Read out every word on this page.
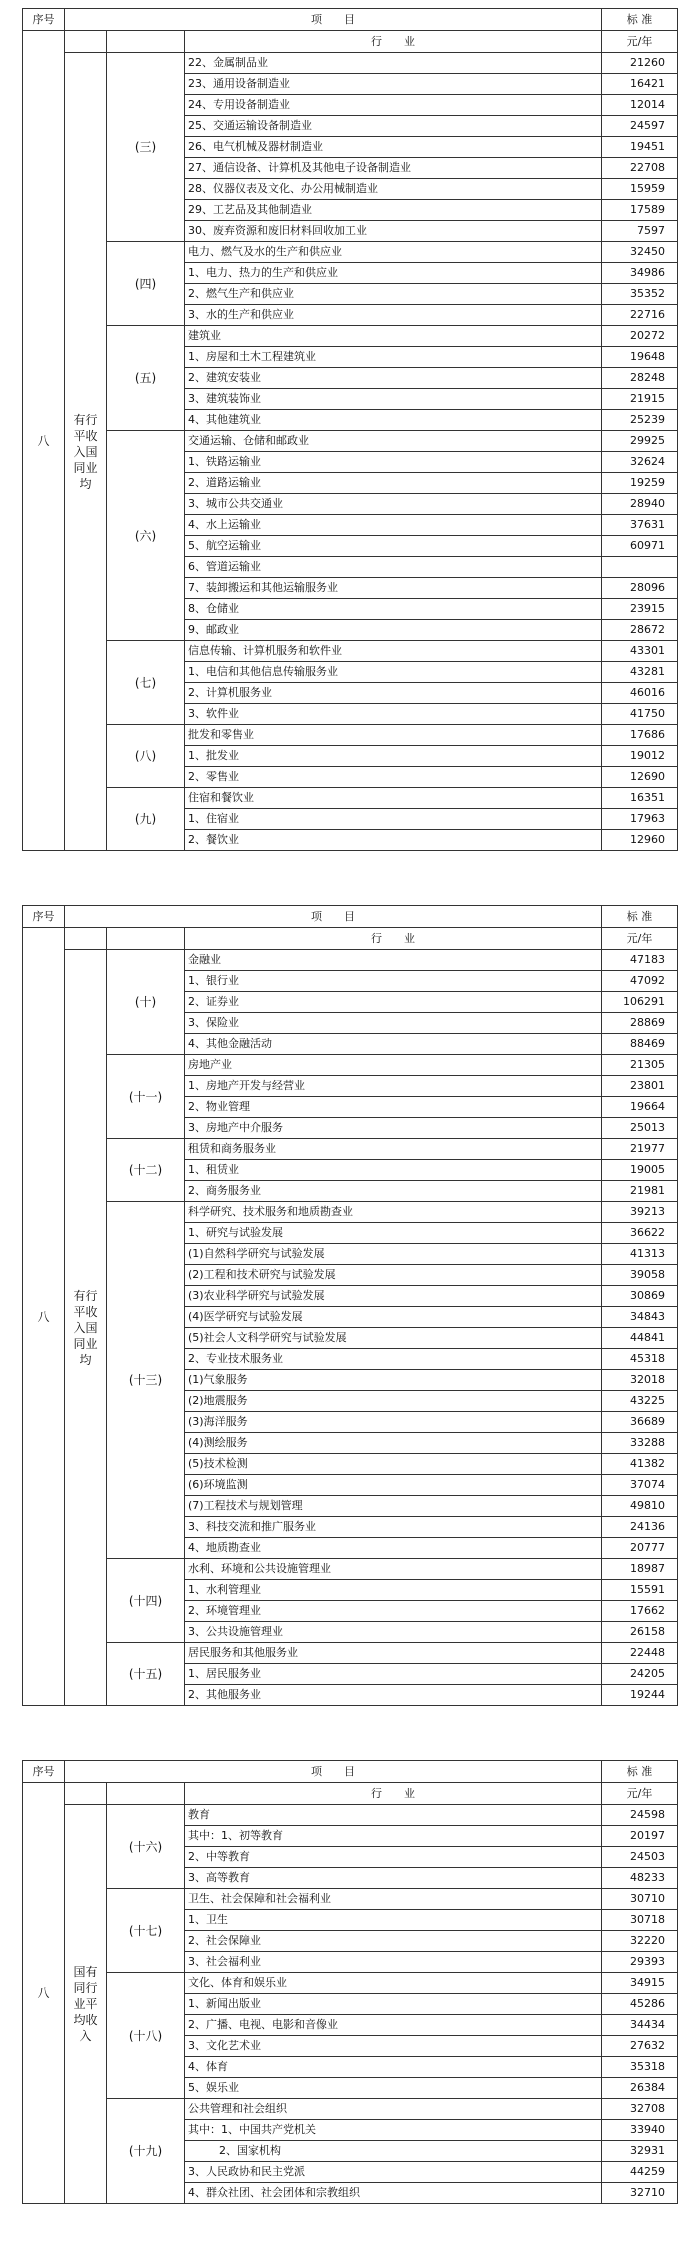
序号	项　　目			标 准
八			行　　业	元/年
	有行平收入国同业均	(三)	22、金属制品业	21260
			23、通用设备制造业	16421
			24、专用设备制造业	12014
			25、交通运输设备制造业	24597
			26、电气机械及器材制造业	19451
			27、通信设备、计算机及其他电子设备制造业	22708
			28、仪器仪表及文化、办公用械制造业	15959
			29、工艺品及其他制造业	17589
			30、废弃资源和废旧材料回收加工业	7597
		(四)	电力、燃气及水的生产和供应业	32450
			1、电力、热力的生产和供应业	34986
			2、燃气生产和供应业	35352
			3、水的生产和供应业	22716
		(五)	建筑业	20272
			1、房屋和土木工程建筑业	19648
			2、建筑安装业	28248
			3、建筑装饰业	21915
			4、其他建筑业	25239
		(六)	交通运输、仓储和邮政业	29925
			1、铁路运输业	32624
			2、道路运输业	19259
			3、城市公共交通业	28940
			4、水上运输业	37631
			5、航空运输业	60971
			6、管道运输业	
			7、装卸搬运和其他运输服务业	28096
			8、仓储业	23915
			9、邮政业	28672
		(七)	信息传输、计算机服务和软件业	43301
			1、电信和其他信息传输服务业	43281
			2、计算机服务业	46016
			3、软件业	41750
		(八)	批发和零售业	17686
			1、批发业	19012
			2、零售业	12690
		(九)	住宿和餐饮业	16351
			1、住宿业	17963
			2、餐饮业	12960
序号	项　　目			标 准
八			行　　业	元/年
	有行平收入国同业均	(十)	金融业	47183
			1、银行业	47092
			2、证券业	106291
			3、保险业	28869
			4、其他金融活动	88469
		(十一)	房地产业	21305
			1、房地产开发与经营业	23801
			2、物业管理	19664
			3、房地产中介服务	25013
		(十二)	租赁和商务服务业	21977
			1、租赁业	19005
			2、商务服务业	21981
		(十三)	科学研究、技术服务和地质勘查业	39213
			1、研究与试验发展	36622
			(1)自然科学研究与试验发展	41313
			(2)工程和技术研究与试验发展	39058
			(3)农业科学研究与试验发展	30869
			(4)医学研究与试验发展	34843
			(5)社会人文科学研究与试验发展	44841
			2、专业技术服务业	45318
			(1)气象服务	32018
			(2)地震服务	43225
			(3)海洋服务	36689
			(4)测绘服务	33288
			(5)技术检测	41382
			(6)环境监测	37074
			(7)工程技术与规划管理	49810
			3、科技交流和推广服务业	24136
			4、地质勘查业	20777
		(十四)	水利、环境和公共设施管理业	18987
			1、水利管理业	15591
			2、环境管理业	17662
			3、公共设施管理业	26158
		(十五)	居民服务和其他服务业	22448
			1、居民服务业	24205
			2、其他服务业	19244
序号	项　　目			标 准
八			行　　业	元/年
	国有同行业平均收入	(十六)	教育	24598
			其中：1、初等教育	20197
			2、中等教育	24503
			3、高等教育	48233
		(十七)	卫生、社会保障和社会福利业	30710
			1、卫生	30718
			2、社会保障业	32220
			3、社会福利业	29393
		(十八)	文化、体育和娱乐业	34915
			1、新闻出版业	45286
			2、广播、电视、电影和音像业	34434
			3、文化艺术业	27632
			4、体育	35318
			5、娱乐业	26384
		(十九)	公共管理和社会组织	32708
			其中：1、中国共产党机关	33940
			2、国家机构	32931
			3、人民政协和民主党派	44259
			4、群众社团、社会团体和宗教组织	32710
